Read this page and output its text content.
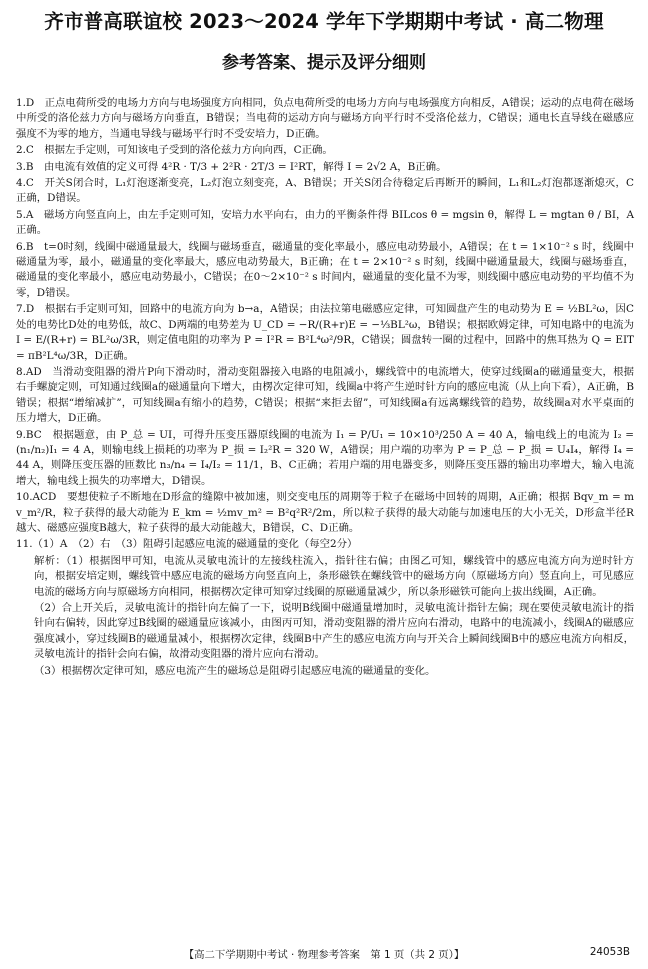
齐市普高联谊校 2023～2024 学年下学期期中考试 · 高二物理
参考答案、提示及评分细则

1.D　正点电荷所受的电场力方向与电场强度方向相同，负点电荷所受的电场力方向与电场强度方向相反，A错误；运动的点电荷在磁场中所受的洛伦兹力方向与磁场方向垂直，B错误；当电荷的运动方向与磁场方向平行时不受洛伦兹力，C错误；通电长直导线在磁感应强度不为零的地方，当通电导线与磁场平行时不受安培力，D正确。

2.C　根据左手定则，可知该电子受到的洛伦兹力方向向西，C正确。

3.B　由电流有效值的定义可得 4²R · T/3 + 2²R · 2T/3 = I²RT，解得 I = 2√2 A，B正确。

4.C　开关S闭合时，L₁灯泡逐渐变亮，L₂灯泡立刻变亮，A、B错误；开关S闭合待稳定后再断开的瞬间，L₁和L₂灯泡都逐渐熄灭，C正确，D错误。

5.A　磁场方向竖直向上，由左手定则可知，安培力水平向右，由力的平衡条件得 BILcos θ = mgsin θ，解得 L = mgtan θ / BI，A正确。

6.B　t=0时刻，线圈中磁通量最大，线圈与磁场垂直，磁通量的变化率最小，感应电动势最小，A错误；在 t = 1×10⁻² s 时，线圈中磁通量为零，最小，磁通量的变化率最大，感应电动势最大，B正确；在 t = 2×10⁻² s 时刻，线圈中磁通量最大，线圈与磁场垂直，磁通量的变化率最小，感应电动势最小，C错误；在0～2×10⁻² s 时间内，磁通量的变化量不为零，则线圈中感应电动势的平均值不为零，D错误。

7.D　根据右手定则可知，回路中的电流方向为 b→a，A错误；由法拉第电磁感应定律，可知圆盘产生的电动势为 E = ½BL²ω，因C处的电势比D处的电势低，故C、D两端的电势差为 U_CD = −R/(R+r)E = −⅓BL²ω，B错误；根据欧姆定律，可知电路中的电流为 I = E/(R+r) = BL²ω/3R，则定值电阻的功率为 P = I²R = B²L⁴ω²/9R，C错误；圆盘转一圈的过程中，回路中的焦耳热为 Q = EIT = πB²L⁴ω/3R，D正确。

8.AD　当滑动变阻器的滑片P向下滑动时，滑动变阻器接入电路的电阻减小，螺线管中的电流增大，使穿过线圈a的磁通量变大，根据右手螺旋定则，可知通过线圈a的磁通量向下增大，由楞次定律可知，线圈a中将产生逆时针方向的感应电流（从上向下看），A正确，B错误；根据“增缩减扩”，可知线圈a有缩小的趋势，C错误；根据“来拒去留”，可知线圈a有远离螺线管的趋势，故线圈a对水平桌面的压力增大，D正确。

9.BC　根据题意，由 P_总 = UI，可得升压变压器原线圈的电流为 I₁ = P/U₁ = 10×10³/250 A = 40 A，输电线上的电流为 I₂ = (n₁/n₂)I₁ = 4 A，则输电线上损耗的功率为 P_损 = I₂²R = 320 W，A错误；用户端的功率为 P = P_总 − P_损 = U₄I₄，解得 I₄ = 44 A，则降压变压器的匝数比 n₃/n₄ = I₄/I₂ = 11/1，B、C正确；若用户端的用电器变多，则降压变压器的输出功率增大，输入电流增大，输电线上损失的功率增大，D错误。

10.ACD　要想使粒子不断地在D形盒的缝隙中被加速，则交变电压的周期等于粒子在磁场中回转的周期，A正确；根据 Bqv_m = m v_m²/R，粒子获得的最大动能为 E_km = ½mv_m² = B²q²R²/2m，所以粒子获得的最大动能与加速电压的大小无关，D形盒半径R越大、磁感应强度B越大，粒子获得的最大动能越大，B错误，C、D正确。

11.（1）A　（2）右　（3）阻碍引起感应电流的磁通量的变化（每空2分）

解析：（1）根据图甲可知，电流从灵敏电流计的左接线柱流入，指针往右偏；由图乙可知，螺线管中的感应电流方向为逆时针方向，根据安培定则，螺线管中感应电流的磁场方向竖直向上，条形磁铁在螺线管中的磁场方向（原磁场方向）竖直向上，可见感应电流的磁场方向与原磁场方向相同，根据楞次定律可知穿过线圈的原磁通量减少，所以条形磁铁可能向上拔出线圈，A正确。

（2）合上开关后，灵敏电流计的指针向左偏了一下，说明B线圈中磁通量增加时，灵敏电流计指针左偏；现在要使灵敏电流计的指针向右偏转，因此穿过B线圈的磁通量应该减小，由图丙可知，滑动变阻器的滑片应向右滑动，电路中的电流减小，线圈A的磁感应强度减小，穿过线圈B的磁通量减小，根据楞次定律，线圈B中产生的感应电流方向与开关合上瞬间线圈B中的感应电流方向相反，灵敏电流计的指针会向右偏，故滑动变阻器的滑片应向右滑动。

（3）根据楞次定律可知，感应电流产生的磁场总是阻碍引起感应电流的磁通量的变化。

【高二下学期期中考试 · 物理参考答案　第 1 页（共 2 页）】	24053B
